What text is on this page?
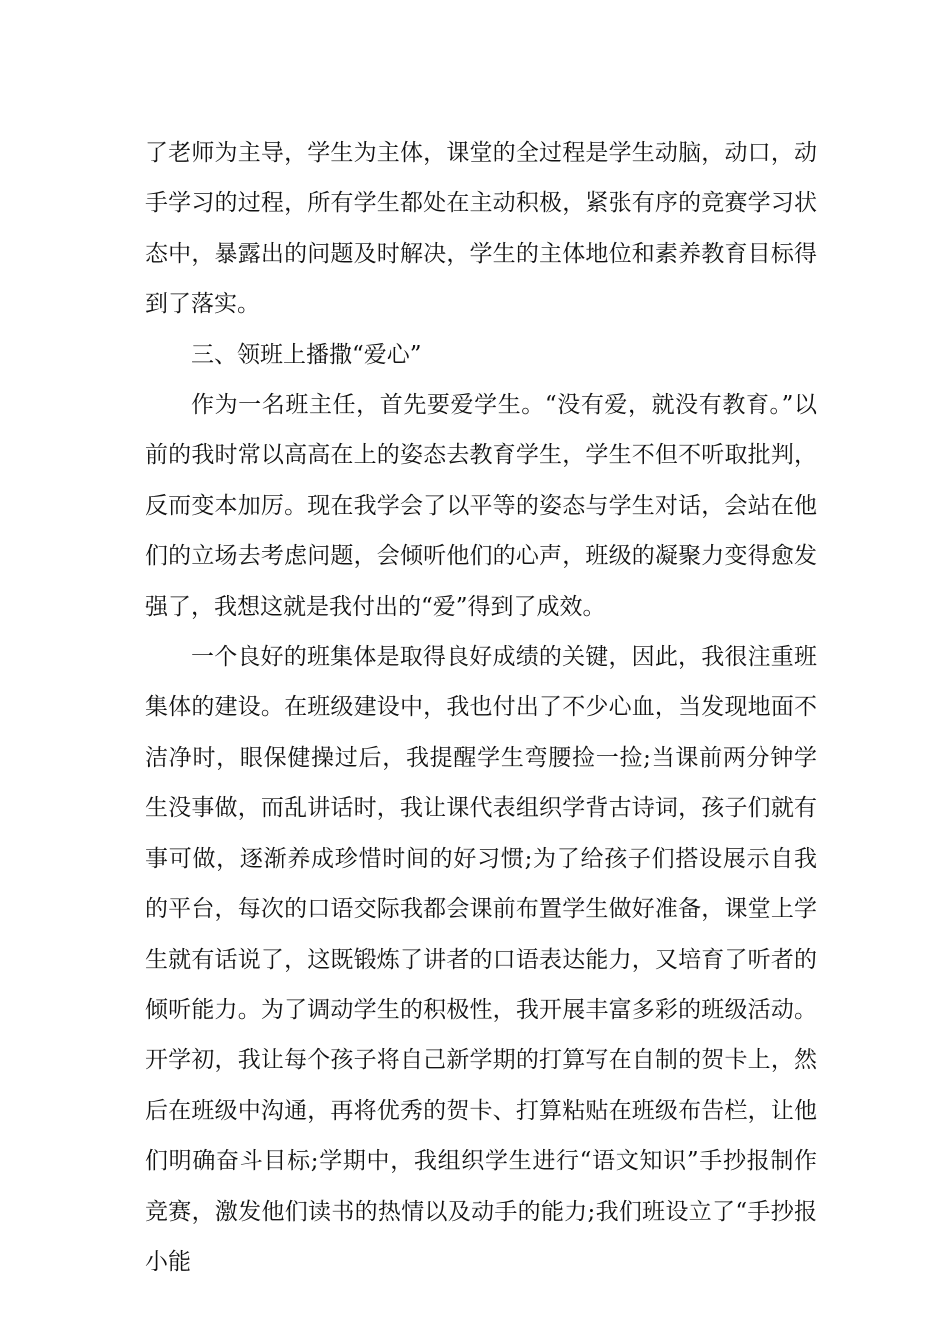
了老师为主导，学生为主体，课堂的全过程是学生动脑，动口，动手学习的过程，所有学生都处在主动积极，紧张有序的竞赛学习状态中，暴露出的问题及时解决，学生的主体地位和素养教育目标得到了落实。

三、领班上播撒“爱心”

作为一名班主任，首先要爱学生。“没有爱，就没有教育。”以前的我时常以高高在上的姿态去教育学生，学生不但不听取批判，反而变本加厉。现在我学会了以平等的姿态与学生对话，会站在他们的立场去考虑问题，会倾听他们的心声，班级的凝聚力变得愈发强了，我想这就是我付出的“爱”得到了成效。

一个良好的班集体是取得良好成绩的关键，因此，我很注重班集体的建设。在班级建设中，我也付出了不少心血，当发现地面不洁净时，眼保健操过后，我提醒学生弯腰捡一捡;当课前两分钟学生没事做，而乱讲话时，我让课代表组织学背古诗词，孩子们就有事可做，逐渐养成珍惜时间的好习惯;为了给孩子们搭设展示自我的平台，每次的口语交际我都会课前布置学生做好准备，课堂上学生就有话说了，这既锻炼了讲者的口语表达能力，又培育了听者的倾听能力。为了调动学生的积极性，我开展丰富多彩的班级活动。开学初，我让每个孩子将自己新学期的打算写在自制的贺卡上，然后在班级中沟通，再将优秀的贺卡、打算粘贴在班级布告栏，让他们明确奋斗目标;学期中，我组织学生进行“语文知识”手抄报制作竞赛，激发他们读书的热情以及动手的能力;我们班设立了“手抄报小能
